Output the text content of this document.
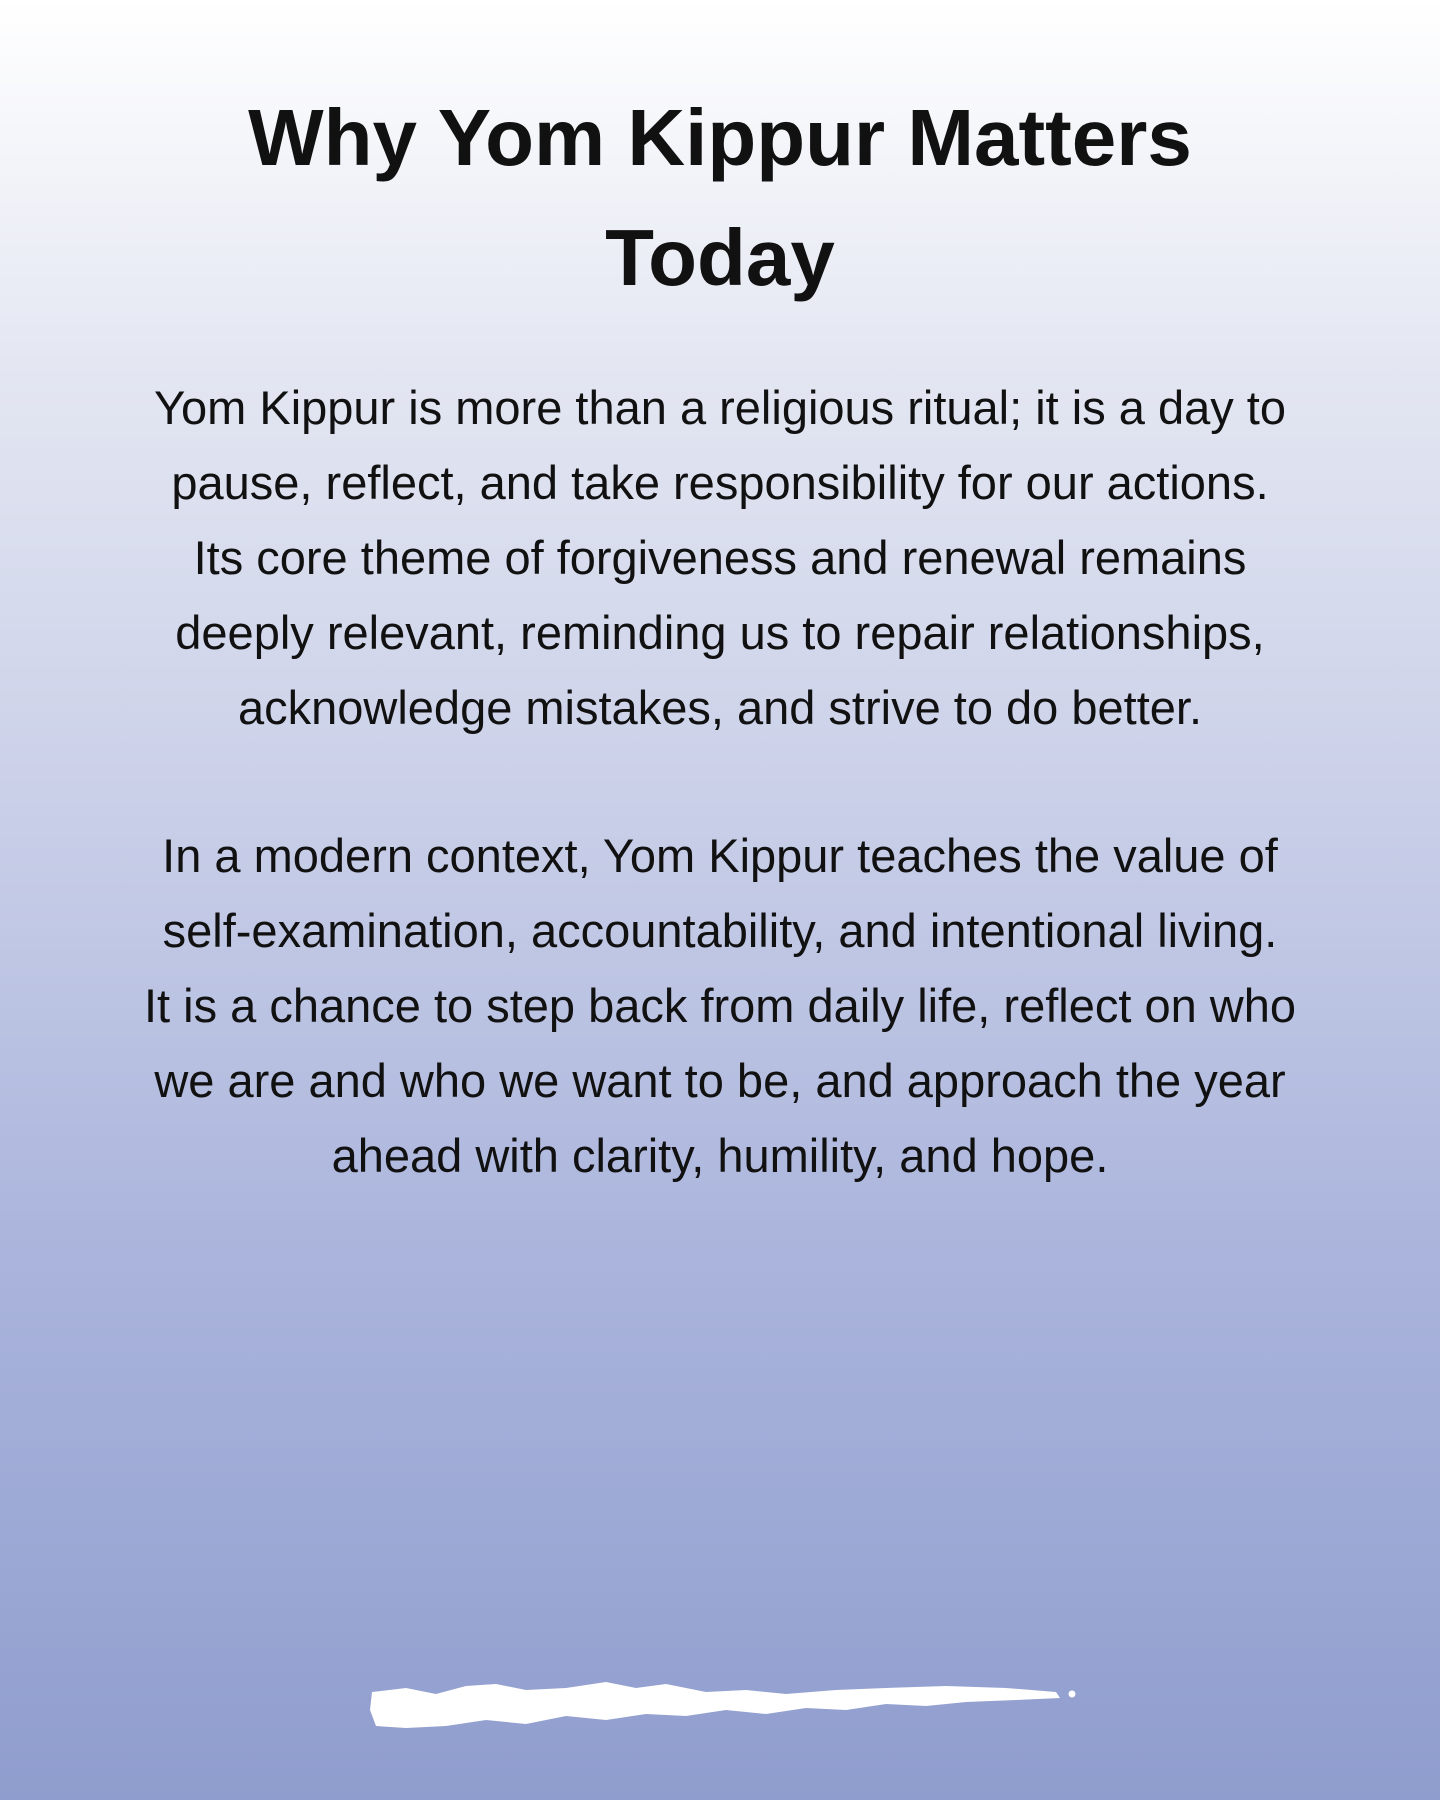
Why Yom Kippur Matters
Today

Yom Kippur is more than a religious ritual; it is a day to
pause, reflect, and take responsibility for our actions.
Its core theme of forgiveness and renewal remains
deeply relevant, reminding us to repair relationships,
acknowledge mistakes, and strive to do better.

In a modern context, Yom Kippur teaches the value of
self-examination, accountability, and intentional living.
It is a chance to step back from daily life, reflect on who
we are and who we want to be, and approach the year
ahead with clarity, humility, and hope.
